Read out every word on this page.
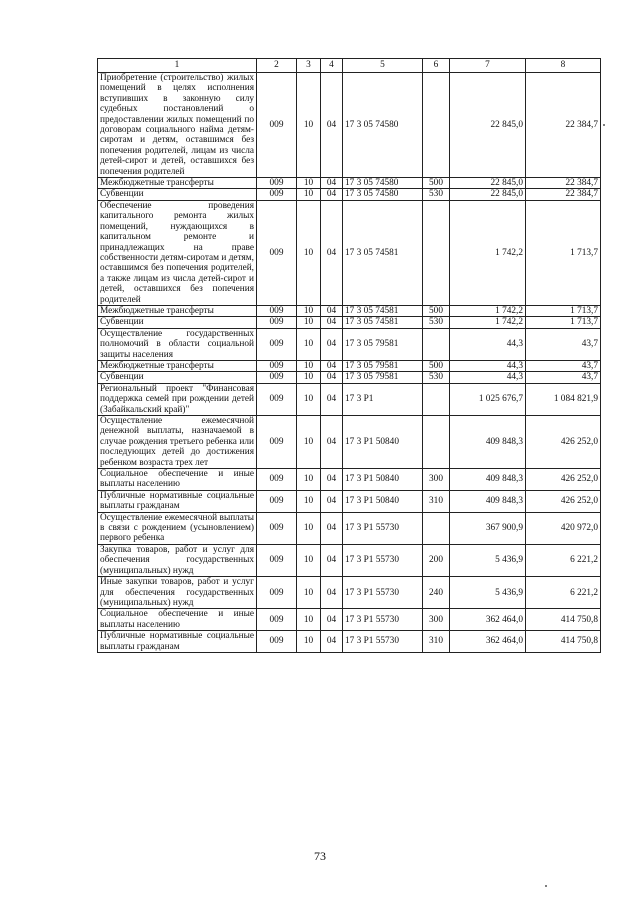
1	2	3	4	5	6	7	8
Приобретение (строительство) жилых помещений в целях исполнения вступивших в законную силу судебных постановлений о предоставлении жилых помещений по договорам социального найма детям-сиротам и детям, оставшимся без попечения родителей, лицам из числа детей-сирот и детей, оставшихся без попечения родителей	009	10	04	17 3 05 74580		22 845,0	22 384,7
Межбюджетные трансферты	009	10	04	17 3 05 74580	500	22 845,0	22 384,7
Субвенции	009	10	04	17 3 05 74580	530	22 845,0	22 384,7
Обеспечение проведения капитального ремонта жилых помещений, нуждающихся в капитальном ремонте и принадлежащих на праве собственности детям-сиротам и детям, оставшимся без попечения родителей, а также лицам из числа детей-сирот и детей, оставшихся без попечения родителей	009	10	04	17 3 05 74581		1 742,2	1 713,7
Межбюджетные трансферты	009	10	04	17 3 05 74581	500	1 742,2	1 713,7
Субвенции	009	10	04	17 3 05 74581	530	1 742,2	1 713,7
Осуществление государственных полномочий в области социальной защиты населения	009	10	04	17 3 05 79581		44,3	43,7
Межбюджетные трансферты	009	10	04	17 3 05 79581	500	44,3	43,7
Субвенции	009	10	04	17 3 05 79581	530	44,3	43,7
Региональный проект "Финансовая поддержка семей при рождении детей (Забайкальский край)"	009	10	04	17 3 P1		1 025 676,7	1 084 821,9
Осуществление ежемесячной денежной выплаты, назначаемой в случае рождения третьего ребенка или последующих детей до достижения ребенком возраста трех лет	009	10	04	17 3 P1 50840		409 848,3	426 252,0
Социальное обеспечение и иные выплаты населению	009	10	04	17 3 P1 50840	300	409 848,3	426 252,0
Публичные нормативные социальные выплаты гражданам	009	10	04	17 3 P1 50840	310	409 848,3	426 252,0
Осуществление ежемесячной выплаты в связи с рождением (усыновлением) первого ребенка	009	10	04	17 3 P1 55730		367 900,9	420 972,0
Закупка товаров, работ и услуг для обеспечения государственных (муниципальных) нужд	009	10	04	17 3 P1 55730	200	5 436,9	6 221,2
Иные закупки товаров, работ и услуг для обеспечения государственных (муниципальных) нужд	009	10	04	17 3 P1 55730	240	5 436,9	6 221,2
Социальное обеспечение и иные выплаты населению	009	10	04	17 3 P1 55730	300	362 464,0	414 750,8
Публичные нормативные социальные выплаты гражданам	009	10	04	17 3 P1 55730	310	362 464,0	414 750,8
73
